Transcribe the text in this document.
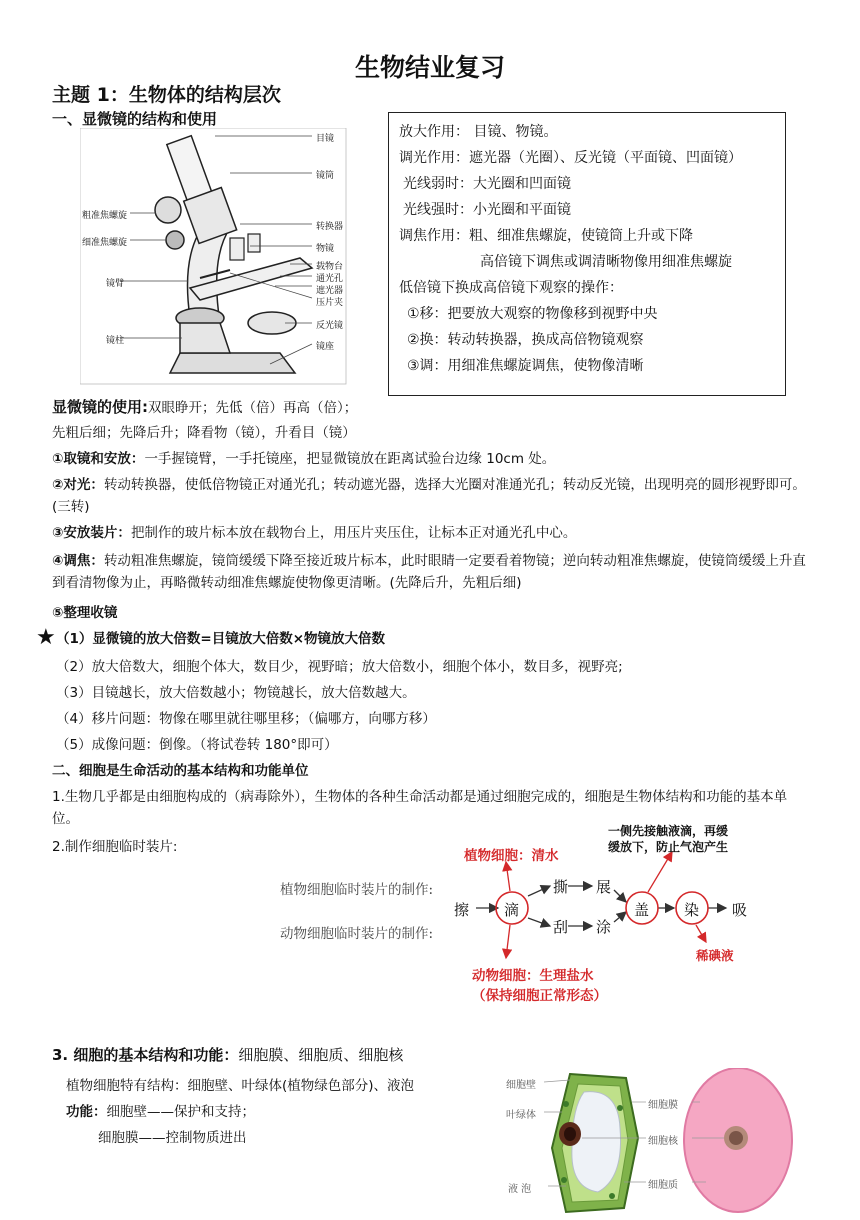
生物结业复习
主题 1：生物体的结构层次
一、显微镜的结构和使用
目镜
镜筒
转换器
物镜
载物台
通光孔
遮光器
压片夹
反光镜
镜座
粗准焦螺旋
细准焦螺旋
镜臂
镜柱
放大作用： 目镜、物镜。
调光作用：遮光器（光圈）、反光镜（平面镜、凹面镜）
光线弱时：大光圈和凹面镜
光线强时：小光圈和平面镜
调焦作用：粗、细准焦螺旋，使镜筒上升或下降
高倍镜下调焦或调清晰物像用细准焦螺旋
低倍镜下换成高倍镜下观察的操作：
①移：把要放大观察的物像移到视野中央
②换：转动转换器，换成高倍物镜观察
③调：用细准焦螺旋调焦，使物像清晰
显微镜的使用:双眼睁开；先低（倍）再高（倍）；
先粗后细；先降后升；降看物（镜），升看目（镜）
①取镜和安放：一手握镜臂，一手托镜座，把显微镜放在距离试验台边缘 10cm 处。
②对光：转动转换器，使低倍物镜正对通光孔；转动遮光器，选择大光圈对准通光孔；转动反光镜，出现明亮的圆形视野即可。(三转)
③安放装片：把制作的玻片标本放在载物台上，用压片夹压住，让标本正对通光孔中心。
④调焦：转动粗准焦螺旋，镜筒缓缓下降至接近玻片标本，此时眼睛一定要看着物镜；逆向转动粗准焦螺旋，使镜筒缓缓上升直到看清物像为止，再略微转动细准焦螺旋使物像更清晰。(先降后升，先粗后细)
⑤整理收镜
★ （1）显微镜的放大倍数=目镜放大倍数×物镜放大倍数
（2）放大倍数大，细胞个体大，数目少，视野暗；放大倍数小，细胞个体小，数目多，视野亮;
（3）目镜越长，放大倍数越小；物镜越长，放大倍数越大。
（4）移片问题：物像在哪里就往哪里移；（偏哪方，向哪方移）
（5）成像问题：倒像。（将试卷转 180°即可）
二、细胞是生命活动的基本结构和功能单位
1.生物几乎都是由细胞构成的（病毒除外），生物体的各种生命活动都是通过细胞完成的，细胞是生物体结构和功能的基本单位。
2.制作细胞临时装片:
植物细胞临时装片的制作:
动物细胞临时装片的制作:
擦 滴
撕 展
刮 涂
盖 染 吸
植物细胞：清水
一侧先接触液滴，再缓
缓放下，防止气泡产生
动物细胞：生理盐水
（保持细胞正常形态）
稀碘液
3. 细胞的基本结构和功能：细胞膜、细胞质、细胞核
植物细胞特有结构：细胞壁、叶绿体(植物绿色部分)、液泡
功能：细胞壁——保护和支持；
细胞膜——控制物质进出
细胞壁
叶绿体
液 泡
细胞膜
细胞核
细胞质
